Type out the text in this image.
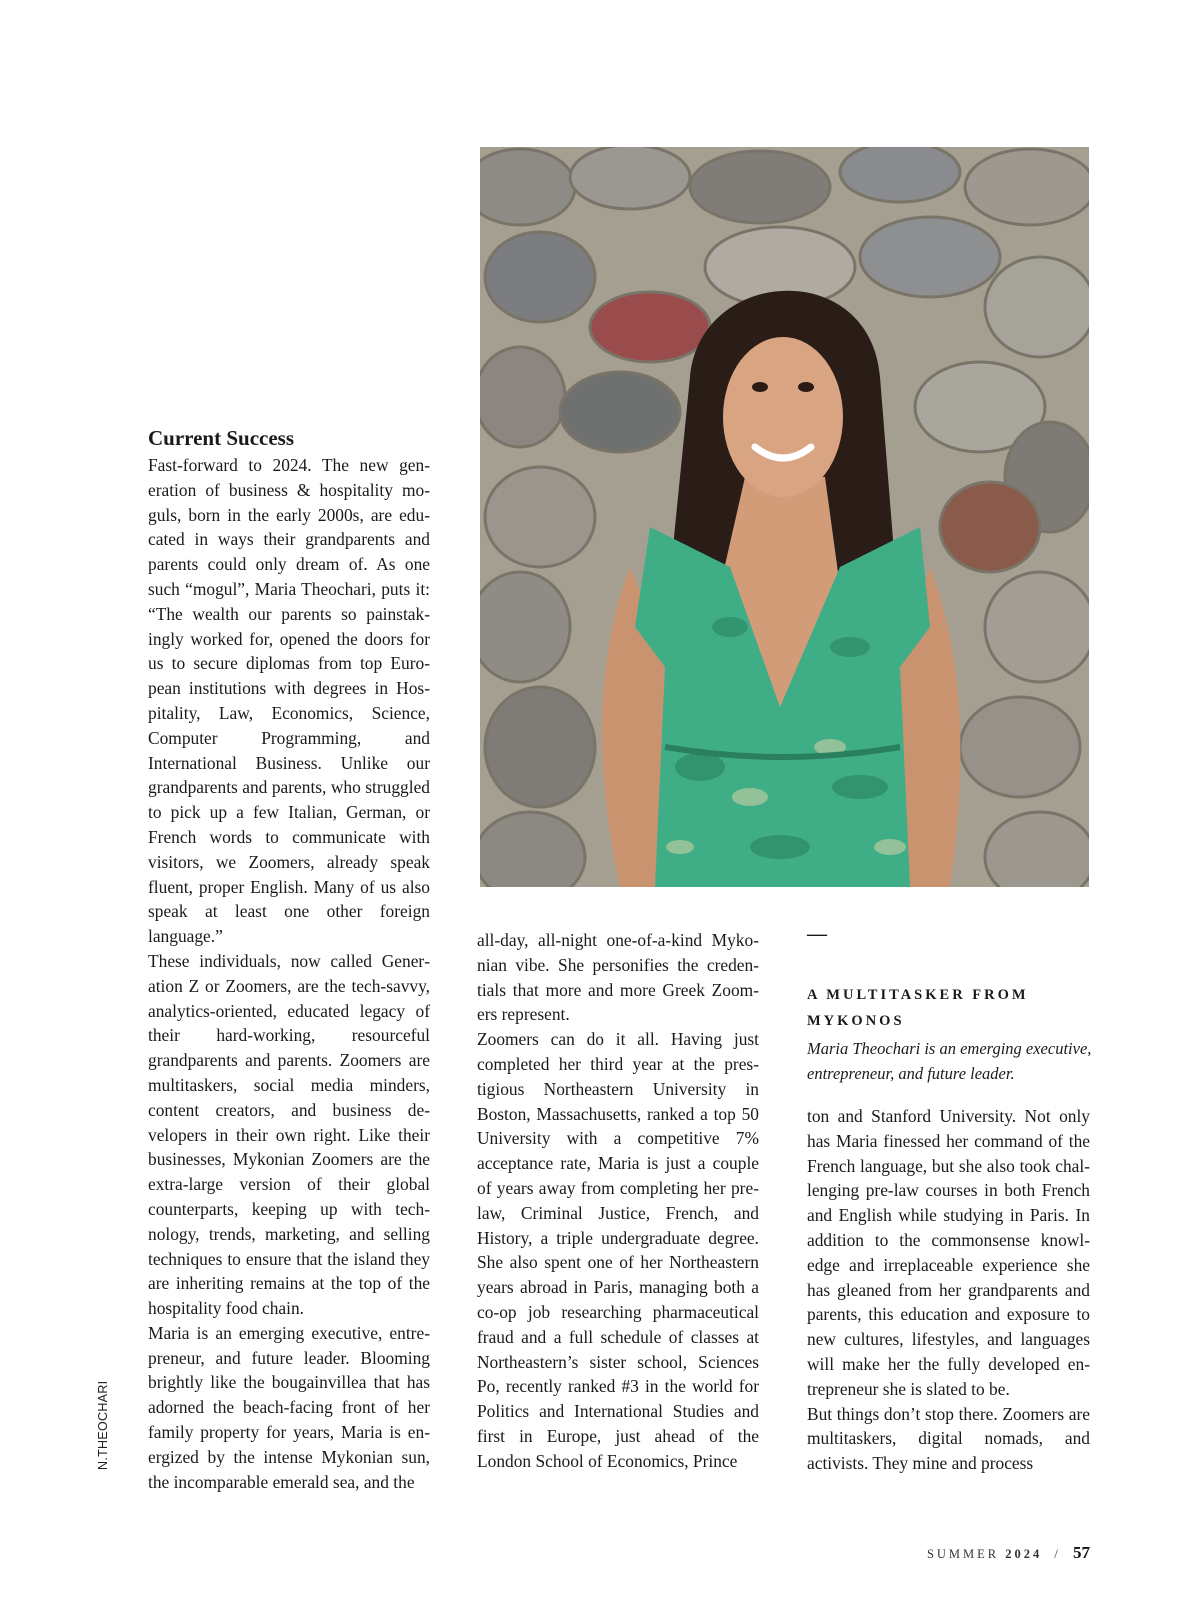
Current Success

Fast-forward to 2024. The new generation of business & hospitality moguls, born in the early 2000s, are educated in ways their grandparents and parents could only dream of. As one such “mogul”, Maria Theochari, puts it: “The wealth our parents so painstakingly worked for, opened the doors for us to secure diplomas from top European institutions with degrees in Hospitality, Law, Economics, Science, Computer Programming, and International Business. Unlike our grandparents and parents, who struggled to pick up a few Italian, German, or French words to communicate with visitors, we Zoomers, already speak fluent, proper English. Many of us also speak at least one other foreign language.”

These individuals, now called Generation Z or Zoomers, are the tech-savvy, analytics-oriented, educated legacy of their hard-working, resourceful grandparents and parents. Zoomers are multitaskers, social media minders, content creators, and business developers in their own right. Like their businesses, Mykonian Zoomers are the extra-large version of their global counterparts, keeping up with technology, trends, marketing, and selling techniques to ensure that the island they are inheriting remains at the top of the hospitality food chain.

Maria is an emerging executive, entrepreneur, and future leader. Blooming brightly like the bougainvillea that has adorned the beach-facing front of her family property for years, Maria is energized by the intense Mykonian sun, the incomparable emerald sea, and the

all-day, all-night one-of-a-kind Mykonian vibe. She personifies the credentials that more and more Greek Zoomers represent.

Zoomers can do it all. Having just completed her third year at the prestigious Northeastern University in Boston, Massachusetts, ranked a top 50 University with a competitive 7% acceptance rate, Maria is just a couple of years away from completing her pre-law, Criminal Justice, French, and History, a triple undergraduate degree. She also spent one of her Northeastern years abroad in Paris, managing both a co-op job researching pharmaceutical fraud and a full schedule of classes at Northeastern’s sister school, Sciences Po, recently ranked #3 in the world for Politics and International Studies and first in Europe, just ahead of the London School of Economics, Prince

—
A MULTITASKER FROM MYKONOS
Maria Theochari is an emerging executive, entrepreneur, and future leader.

ton and Stanford University. Not only has Maria finessed her command of the French language, but she also took challenging pre-law courses in both French and English while studying in Paris. In addition to the commonsense knowledge and irreplaceable experience she has gleaned from her grandparents and parents, this education and exposure to new cultures, lifestyles, and languages will make her the fully developed entrepreneur she is slated to be.

But things don’t stop there. Zoomers are multitaskers, digital nomads, and activists. They mine and process

N.THEOCHARI
SUMMER 2024 / 57
